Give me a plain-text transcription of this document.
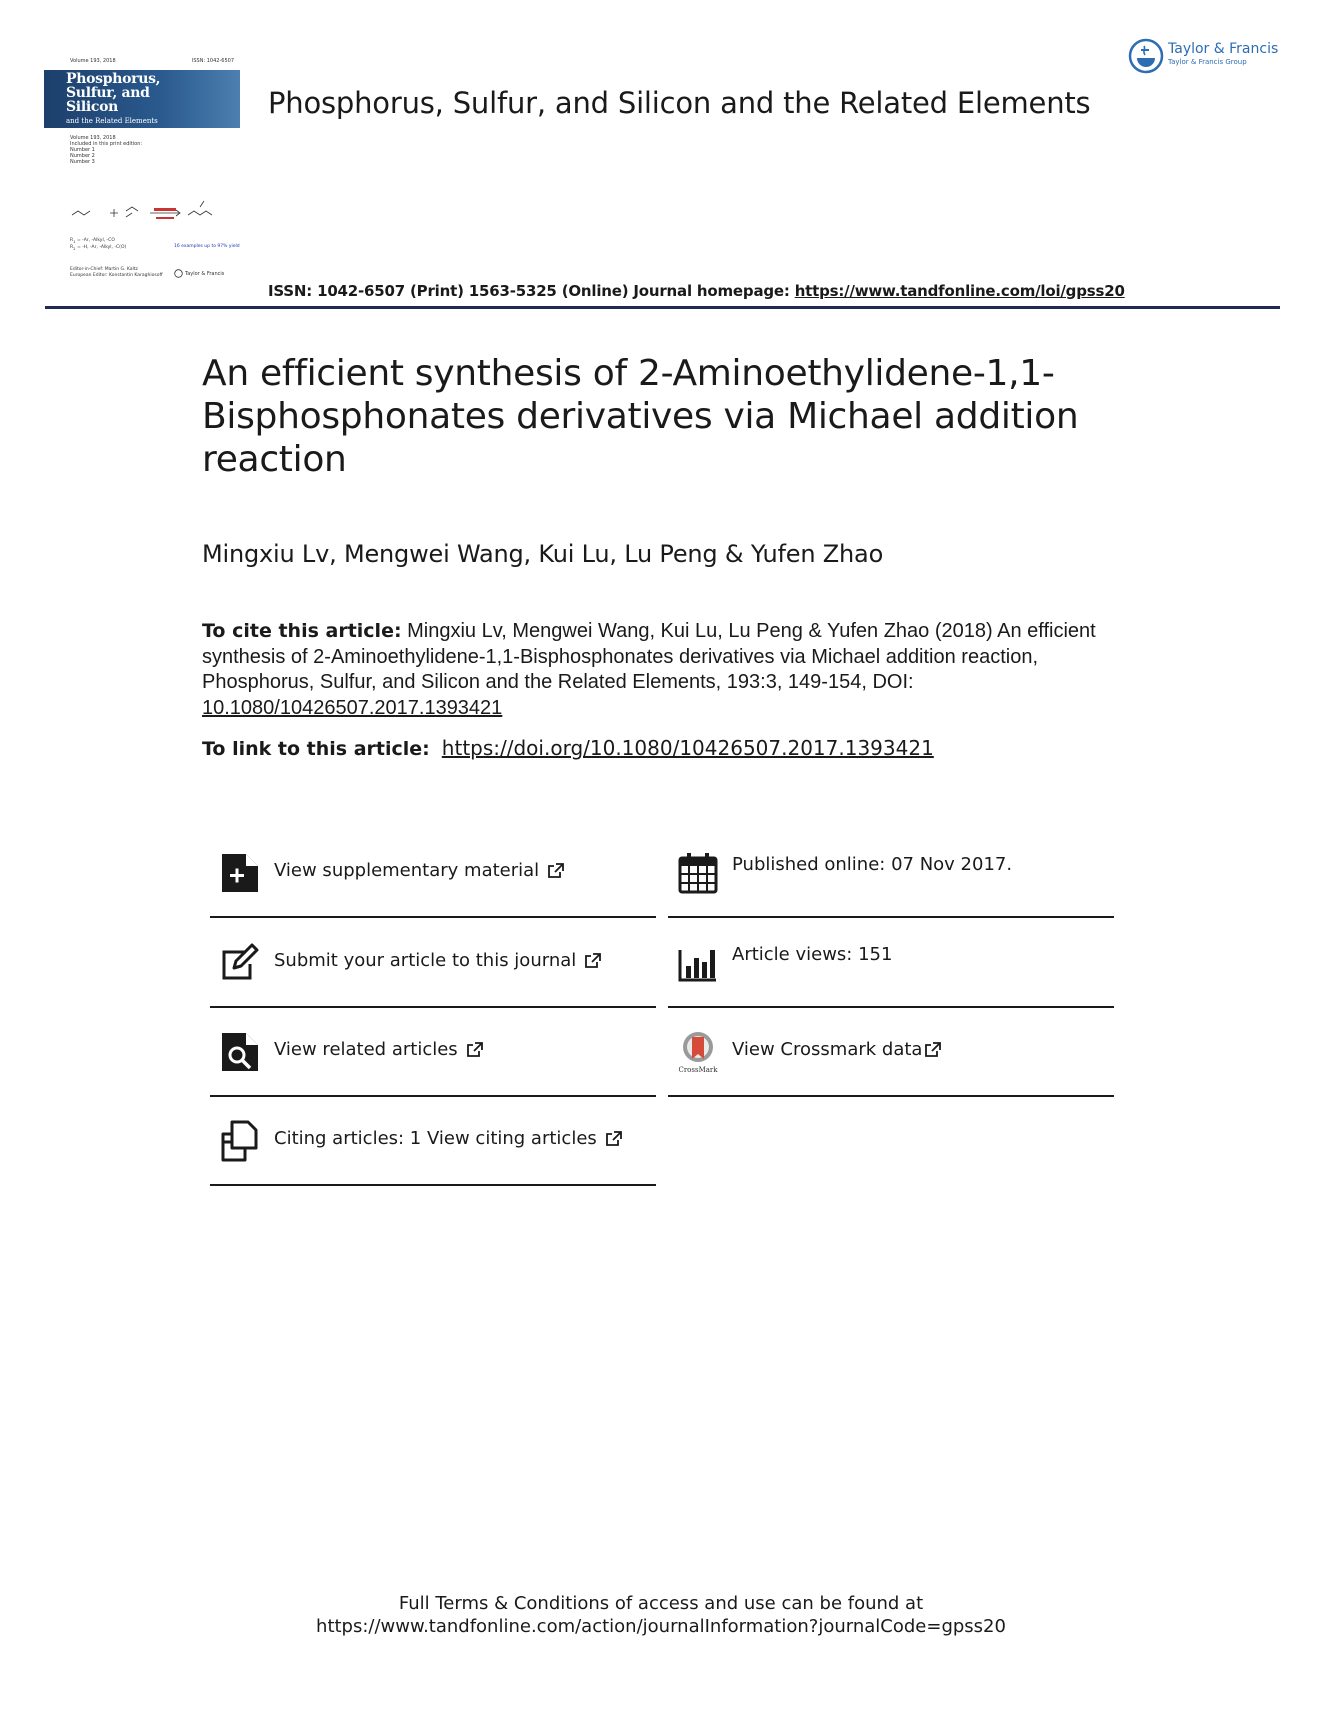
Volume 193, 2018	ISSN: 1042-6507
Phosphorus,
Sulfur, and
Silicon
and the Related Elements
Volume 193, 2018
Included in this print edition:
Number 1
Number 2
Number 3
$R_1 = -Ar$, -Alkyl, -CO
$R_2 = -H$, -Ar, -Alkyl, -C(O)	16 examples up to 97% yield
Editor-in-Chief: Martin G. Kaltz
European Editor: Konstantin Karaghiosoff	Taylor & Francis
Phosphorus, Sulfur, and Silicon and the Related Elements
Taylor & Francis
Taylor & Francis Group
ISSN: 1042-6507 (Print) 1563-5325 (Online) Journal homepage: https://www.tandfonline.com/loi/gpss20
An efficient synthesis of 2-Aminoethylidene-1,1-Bisphosphonates derivatives via Michael addition reaction
Mingxiu Lv, Mengwei Wang, Kui Lu, Lu Peng & Yufen Zhao
To cite this article: Mingxiu Lv, Mengwei Wang, Kui Lu, Lu Peng & Yufen Zhao (2018) An efficient synthesis of 2-Aminoethylidene-1,1-Bisphosphonates derivatives via Michael addition reaction, Phosphorus, Sulfur, and Silicon and the Related Elements, 193:3, 149-154, DOI: 10.1080/10426507.2017.1393421
To link to this article: https://doi.org/10.1080/10426507.2017.1393421
View supplementary material
Submit your article to this journal
View related articles
Citing articles: 1 View citing articles
Published online: 07 Nov 2017.
Article views: 151
CrossMark
View Crossmark data
Full Terms & Conditions of access and use can be found at
https://www.tandfonline.com/action/journalInformation?journalCode=gpss20
